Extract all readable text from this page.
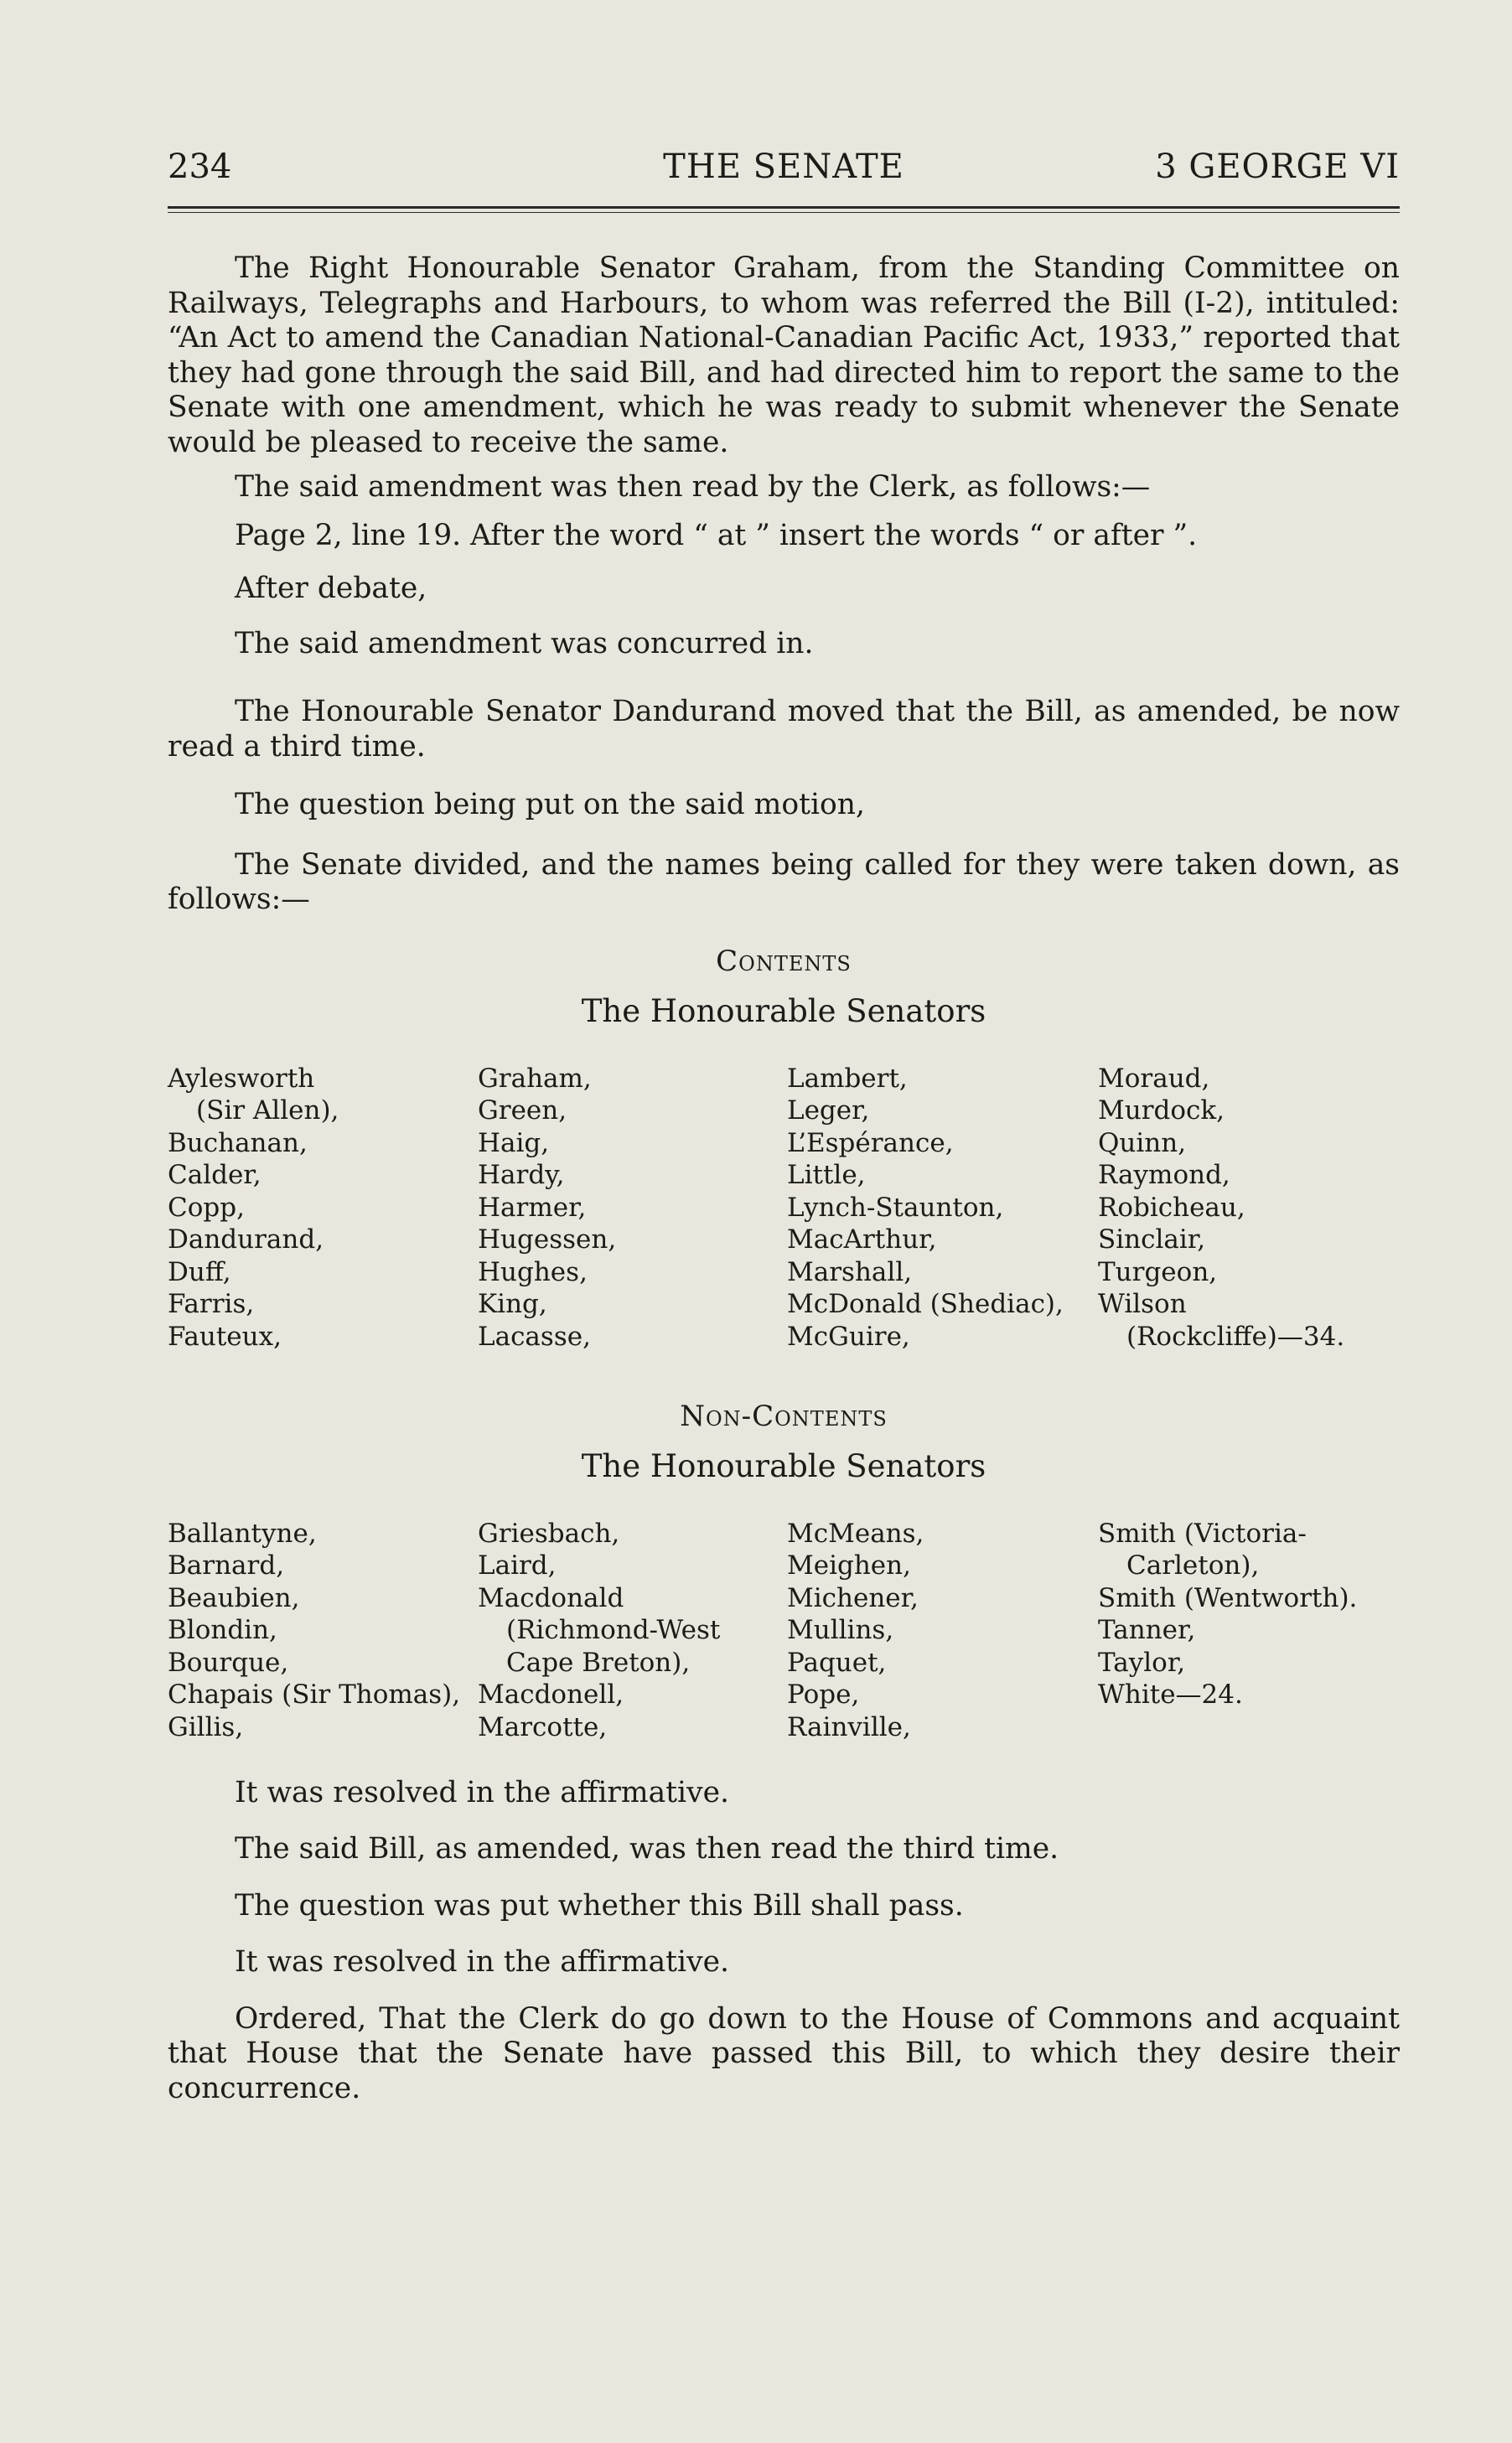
234	THE SENATE	3 GEORGE VI

The Right Honourable Senator Graham, from the Standing Committee on Railways, Telegraphs and Harbours, to whom was referred the Bill (I-2), intituled: “An Act to amend the Canadian National-Canadian Pacific Act, 1933,” reported that they had gone through the said Bill, and had directed him to report the same to the Senate with one amendment, which he was ready to submit whenever the Senate would be pleased to receive the same.

The said amendment was then read by the Clerk, as follows:—

Page 2, line 19. After the word “ at ” insert the words “ or after ”.

After debate,

The said amendment was concurred in.

The Honourable Senator Dandurand moved that the Bill, as amended, be now read a third time.

The question being put on the said motion,

The Senate divided, and the names being called for they were taken down, as follows:—

Contents
The Honourable Senators
Aylesworth
(Sir Allen),
Buchanan,
Calder,
Copp,
Dandurand,
Duff,
Farris,
Fauteux,
Graham,
Green,
Haig,
Hardy,
Harmer,
Hugessen,
Hughes,
King,
Lacasse,
Lambert,
Leger,
L’Espérance,
Little,
Lynch-Staunton,
MacArthur,
Marshall,
McDonald (Shediac),
McGuire,
Moraud,
Murdock,
Quinn,
Raymond,
Robicheau,
Sinclair,
Turgeon,
Wilson
(Rockcliffe)—34.
Non-Contents
The Honourable Senators
Ballantyne,
Barnard,
Beaubien,
Blondin,
Bourque,
Chapais (Sir Thomas),
Gillis,
Griesbach,
Laird,
Macdonald
(Richmond-West
Cape Breton),
Macdonell,
Marcotte,
McMeans,
Meighen,
Michener,
Mullins,
Paquet,
Pope,
Rainville,
Smith (Victoria-
Carleton),
Smith (Wentworth).
Tanner,
Taylor,
White—24.

It was resolved in the affirmative.

The said Bill, as amended, was then read the third time.

The question was put whether this Bill shall pass.

It was resolved in the affirmative.

Ordered, That the Clerk do go down to the House of Commons and acquaint that House that the Senate have passed this Bill, to which they desire their concurrence.
